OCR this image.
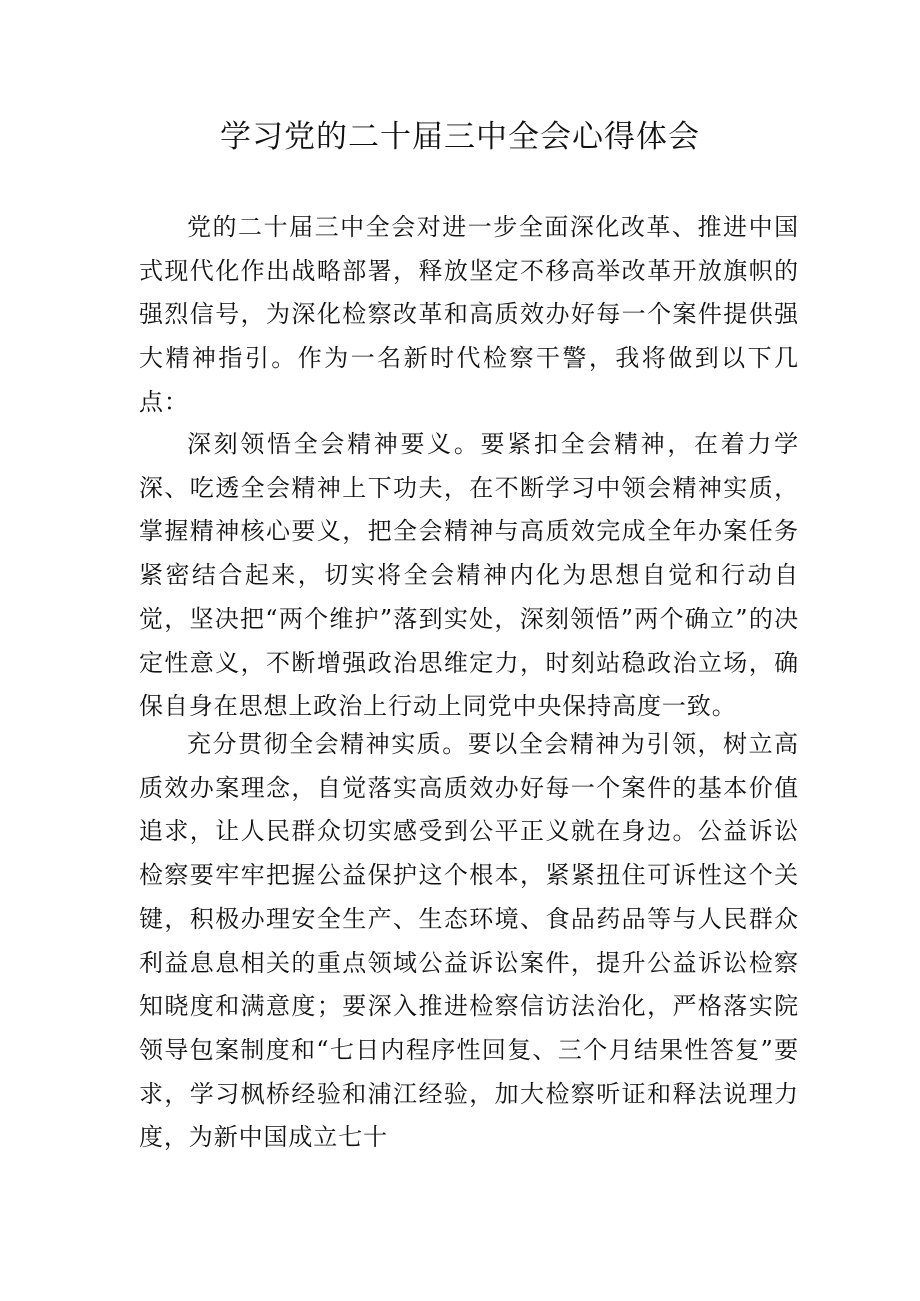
学习党的二十届三中全会心得体会

党的二十届三中全会对进一步全面深化改革、推进中国式现代化作出战略部署，释放坚定不移高举改革开放旗帜的强烈信号，为深化检察改革和高质效办好每一个案件提供强大精神指引。作为一名新时代检察干警，我将做到以下几点：

深刻领悟全会精神要义。要紧扣全会精神，在着力学深、吃透全会精神上下功夫，在不断学习中领会精神实质，掌握精神核心要义，把全会精神与高质效完成全年办案任务紧密结合起来，切实将全会精神内化为思想自觉和行动自觉，坚决把“两个维护”落到实处，深刻领悟”两个确立”的决定性意义，不断增强政治思维定力，时刻站稳政治立场，确保自身在思想上政治上行动上同党中央保持高度一致。

充分贯彻全会精神实质。要以全会精神为引领，树立高质效办案理念，自觉落实高质效办好每一个案件的基本价值追求，让人民群众切实感受到公平正义就在身边。公益诉讼检察要牢牢把握公益保护这个根本，紧紧扭住可诉性这个关键，积极办理安全生产、生态环境、食品药品等与人民群众利益息息相关的重点领域公益诉讼案件，提升公益诉讼检察知晓度和满意度；要深入推进检察信访法治化，严格落实院领导包案制度和“七日内程序性回复、三个月结果性答复”要求，学习枫桥经验和浦江经验，加大检察听证和释法说理力度，为新中国成立七十
